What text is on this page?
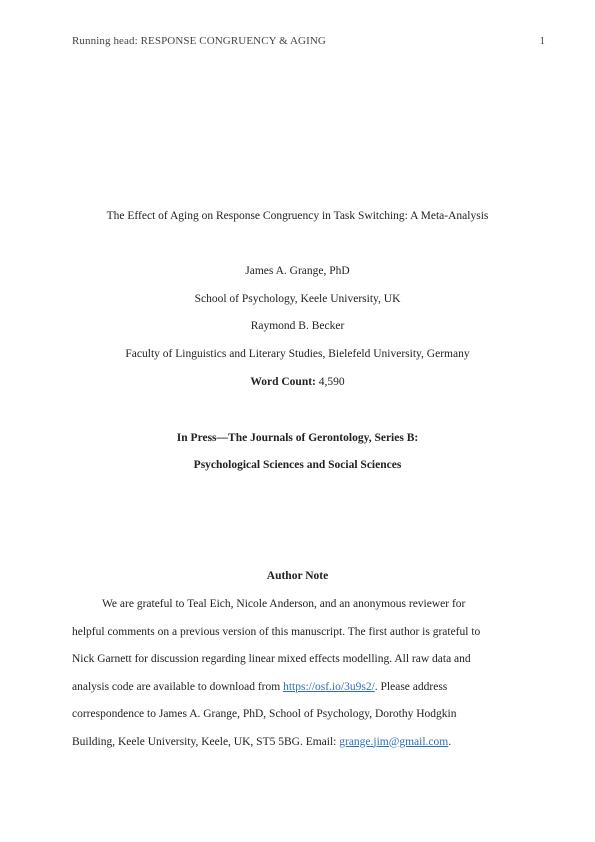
Running head: RESPONSE CONGRUENCY & AGING	1
The Effect of Aging on Response Congruency in Task Switching: A Meta-Analysis
James A. Grange, PhD
School of Psychology, Keele University, UK
Raymond B. Becker
Faculty of Linguistics and Literary Studies, Bielefeld University, Germany
Word Count: 4,590
In Press—The Journals of Gerontology, Series B:
Psychological Sciences and Social Sciences
Author Note
We are grateful to Teal Eich, Nicole Anderson, and an anonymous reviewer for
helpful comments on a previous version of this manuscript. The first author is grateful to
Nick Garnett for discussion regarding linear mixed effects modelling. All raw data and
analysis code are available to download from https://osf.io/3u9s2/. Please address
correspondence to James A. Grange, PhD, School of Psychology, Dorothy Hodgkin
Building, Keele University, Keele, UK, ST5 5BG. Email: grange.jim@gmail.com.
